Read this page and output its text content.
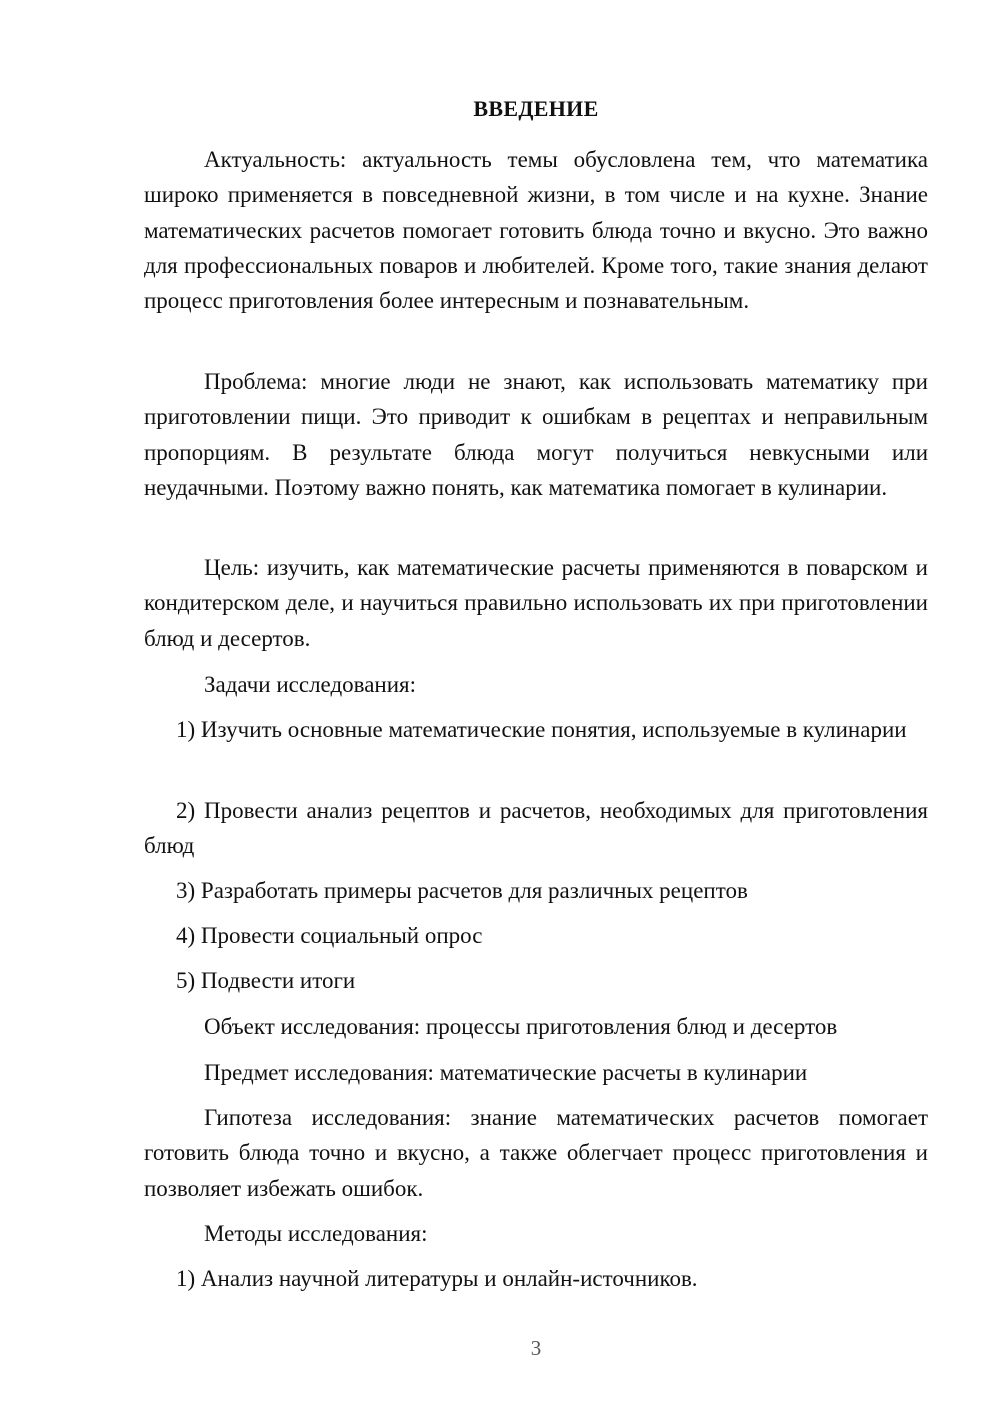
ВВЕДЕНИЕ

Актуальность: актуальность темы обусловлена тем, что математика широко применяется в повседневной жизни, в том числе и на кухне. Знание математических расчетов помогает готовить блюда точно и вкусно. Это важно для профессиональных поваров и любителей. Кроме того, такие знания делают процесс приготовления более интересным и познавательным.

Проблема: многие люди не знают, как использовать математику при приготовлении пищи. Это приводит к ошибкам в рецептах и неправильным пропорциям. В результате блюда могут получиться невкусными или неудачными. Поэтому важно понять, как математика помогает в кулинарии.

Цель: изучить, как математические расчеты применяются в поварском и кондитерском деле, и научиться правильно использовать их при приготовлении блюд и десертов.

Задачи исследования:

1) Изучить основные математические понятия, используемые в кулинарии

2) Провести анализ рецептов и расчетов, необходимых для приготовления блюд

3) Разработать примеры расчетов для различных рецептов

4) Провести социальный опрос

5) Подвести итоги

Объект исследования: процессы приготовления блюд и десертов

Предмет исследования: математические расчеты в кулинарии

Гипотеза исследования: знание математических расчетов помогает готовить блюда точно и вкусно, а также облегчает процесс приготовления и позволяет избежать ошибок.

Методы исследования:

1) Анализ научной литературы и онлайн-источников.

3
